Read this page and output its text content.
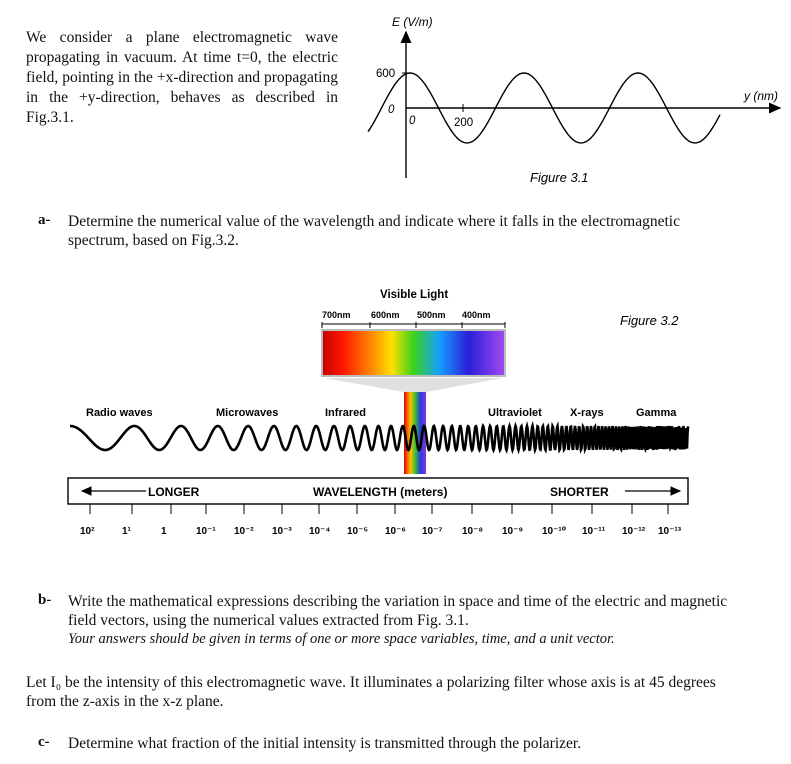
We consider a plane electromagnetic wave propagating in vacuum. At time t=0, the electric field, pointing in the +x-direction and propagating in the +y-direction, behaves as described in Fig.3.1.
E (V/m)
y (nm)
600
0
0	200
Figure 3.1
a- Determine the numerical value of the wavelength and indicate where it falls in the electromagnetic spectrum, based on Fig.3.2.
Visible Light
700nm 600nm 500nm 400nm	Figure 3.2
Radio waves	Microwaves	Infrared	Ultraviolet	X-rays	Gamma
LONGER	WAVELENGTH (meters)	SHORTER
10²	1¹	1	10⁻¹ 10⁻² 10⁻³ 10⁻⁴ 10⁻⁵ 10⁻⁶ 10⁻⁷ 10⁻⁸ 10⁻⁹ 10⁻¹⁰ 10⁻¹¹ 10⁻¹² 10⁻¹³
b- Write the mathematical expressions describing the variation in space and time of the electric and magnetic field vectors, using the numerical values extracted from Fig. 3.1.
Your answers should be given in terms of one or more space variables, time, and a unit vector.
Let I₀ be the intensity of this electromagnetic wave. It illuminates a polarizing filter whose axis is at 45 degrees from the z-axis in the x-z plane.
c- Determine what fraction of the initial intensity is transmitted through the polarizer.
